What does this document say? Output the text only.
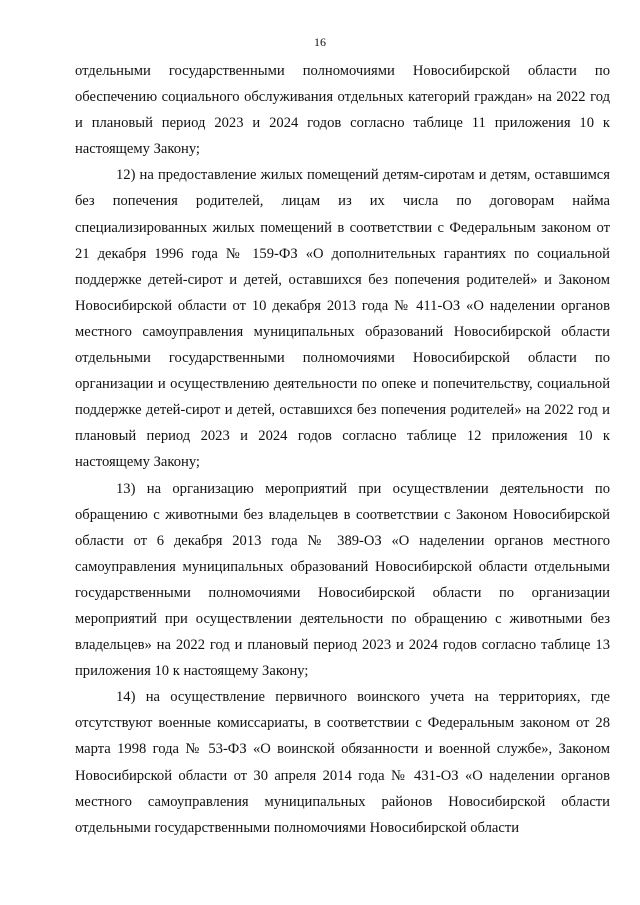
16

отдельными государственными полномочиями Новосибирской области по обеспечению социального обслуживания отдельных категорий граждан» на 2022 год и плановый период 2023 и 2024 годов согласно таблице 11 приложения 10 к настоящему Закону;

12) на предоставление жилых помещений детям-сиротам и детям, оставшимся без попечения родителей, лицам из их числа по договорам найма специализированных жилых помещений в соответствии с Федеральным законом от 21 декабря 1996 года № 159-ФЗ «О дополнительных гарантиях по социальной поддержке детей-сирот и детей, оставшихся без попечения родителей» и Законом Новосибирской области от 10 декабря 2013 года № 411-ОЗ «О наделении органов местного самоуправления муниципальных образований Новосибирской области отдельными государственными полномочиями Новосибирской области по организации и осуществлению деятельности по опеке и попечительству, социальной поддержке детей-сирот и детей, оставшихся без попечения родителей» на 2022 год и плановый период 2023 и 2024 годов согласно таблице 12 приложения 10 к настоящему Закону;

13) на организацию мероприятий при осуществлении деятельности по обращению с животными без владельцев в соответствии с Законом Новосибирской области от 6 декабря 2013 года № 389-ОЗ «О наделении органов местного самоуправления муниципальных образований Новосибирской области отдельными государственными полномочиями Новосибирской области по организации мероприятий при осуществлении деятельности по обращению с животными без владельцев» на 2022 год и плановый период 2023 и 2024 годов согласно таблице 13 приложения 10 к настоящему Закону;

14) на осуществление первичного воинского учета на территориях, где отсутствуют военные комиссариаты, в соответствии с Федеральным законом от 28 марта 1998 года № 53-ФЗ «О воинской обязанности и военной службе», Законом Новосибирской области от 30 апреля 2014 года № 431-ОЗ «О наделении органов местного самоуправления муниципальных районов Новосибирской области отдельными государственными полномочиями Новосибирской области
